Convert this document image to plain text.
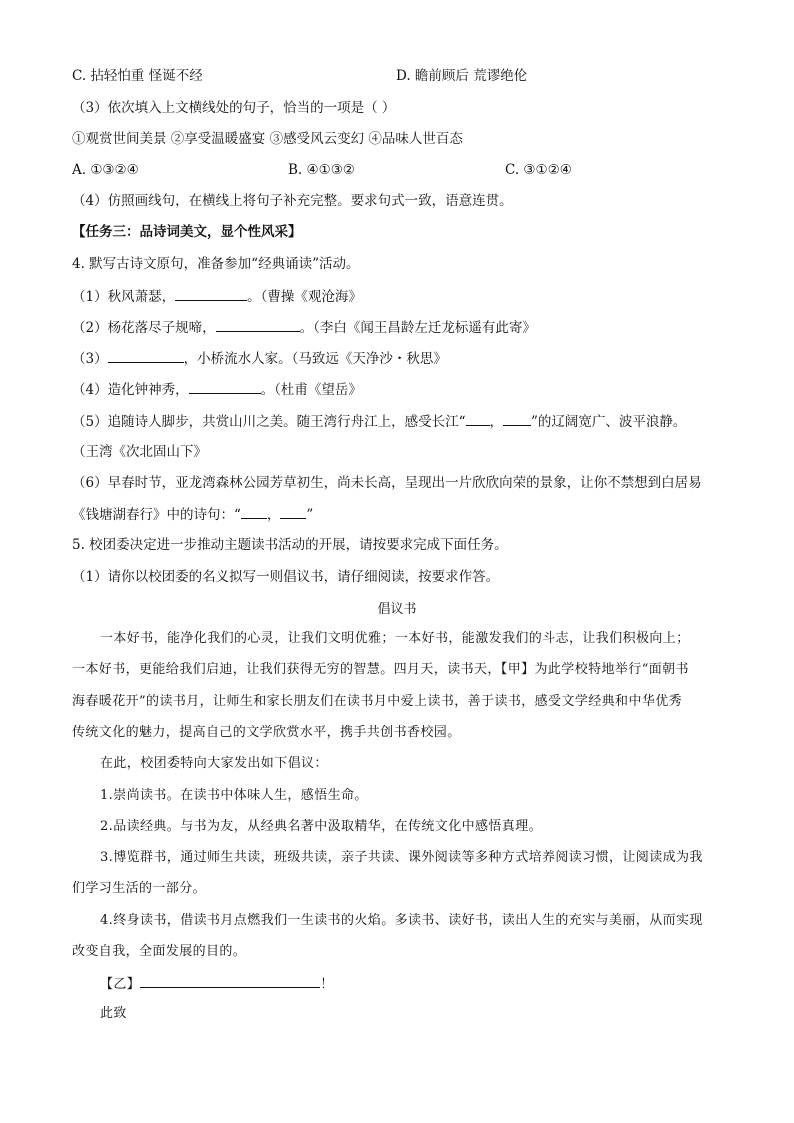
C. 拈轻怕重 怪诞不经	D. 瞻前顾后 荒谬绝伦
（3）依次填入上文横线处的句子，恰当的一项是（ ）
①观赏世间美景 ②享受温暖盛宴 ③感受风云变幻 ④品味人世百态
A. ①③②④	B. ④①③②	C. ③①②④
（4）仿照画线句，在横线上将句子补充完整。要求句式一致，语意连贯。
【任务三：品诗词美文，显个性风采】
4. 默写古诗文原句，准备参加“经典诵读”活动。
（1）秋风萧瑟，	。（曹操《观沧海》
（2）杨花落尽子规啼，	。（李白《闻王昌龄左迁龙标遥有此寄》
（3）	，小桥流水人家。（马致远《天净沙・秋思》
（4）造化钟神秀，	。（杜甫《望岳》
（5）追随诗人脚步，共赏山川之美。随王湾行舟江上，感受长江“ ， ”的辽阔宽广、波平浪静。
（王湾《次北固山下》
（6）早春时节，亚龙湾森林公园芳草初生，尚未长高，呈现出一片欣欣向荣的景象，让你不禁想到白居易
《钱塘湖春行》中的诗句：“ ， ”
5. 校团委决定进一步推动主题读书活动的开展，请按要求完成下面任务。
（1）请你以校团委的名义拟写一则倡议书，请仔细阅读，按要求作答。
倡议书
一本好书，能净化我们的心灵，让我们文明优雅；一本好书，能激发我们的斗志，让我们积极向上；
一本好书，更能给我们启迪，让我们获得无穷的智慧。四月天，读书天，【甲】为此学校特地举行“面朝书
海春暖花开”的读书月，让师生和家长朋友们在读书月中爱上读书，善于读书，感受文学经典和中华优秀
传统文化的魅力，提高自己的文学欣赏水平，携手共创书香校园。
在此，校团委特向大家发出如下倡议：
1.崇尚读书。在读书中体味人生，感悟生命。
2.品读经典。与书为友，从经典名著中汲取精华，在传统文化中感悟真理。
3.博览群书，通过师生共读，班级共读，亲子共读、课外阅读等多种方式培养阅读习惯，让阅读成为我
们学习生活的一部分。
4.终身读书，借读书月点燃我们一生读书的火焰。多读书、读好书，读出人生的充实与美丽，从而实现
改变自我，全面发展的目的。
【乙】	！
此致
